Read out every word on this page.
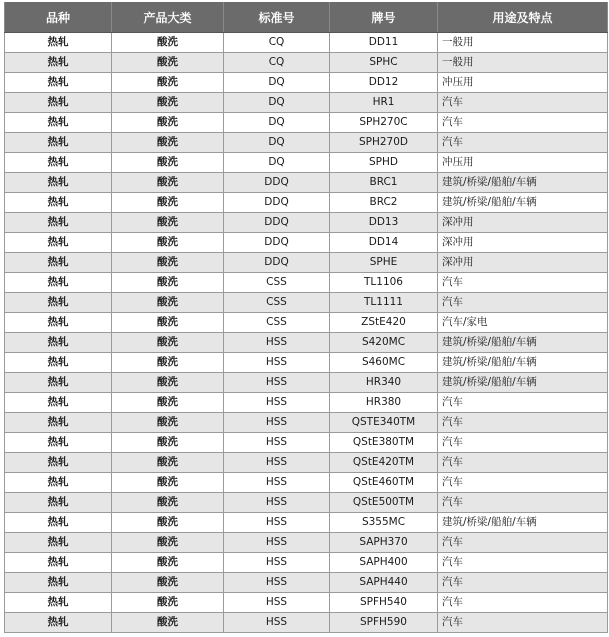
品种	产品大类	标准号	牌号	用途及特点
热轧	酸洗	CQ	DD11	一般用
热轧	酸洗	CQ	SPHC	一般用
热轧	酸洗	DQ	DD12	冲压用
热轧	酸洗	DQ	HR1	汽车
热轧	酸洗	DQ	SPH270C	汽车
热轧	酸洗	DQ	SPH270D	汽车
热轧	酸洗	DQ	SPHD	冲压用
热轧	酸洗	DDQ	BRC1	建筑/桥梁/船舶/车辆
热轧	酸洗	DDQ	BRC2	建筑/桥梁/船舶/车辆
热轧	酸洗	DDQ	DD13	深冲用
热轧	酸洗	DDQ	DD14	深冲用
热轧	酸洗	DDQ	SPHE	深冲用
热轧	酸洗	CSS	TL1106	汽车
热轧	酸洗	CSS	TL1111	汽车
热轧	酸洗	CSS	ZStE420	汽车/家电
热轧	酸洗	HSS	S420MC	建筑/桥梁/船舶/车辆
热轧	酸洗	HSS	S460MC	建筑/桥梁/船舶/车辆
热轧	酸洗	HSS	HR340	建筑/桥梁/船舶/车辆
热轧	酸洗	HSS	HR380	汽车
热轧	酸洗	HSS	QSTE340TM	汽车
热轧	酸洗	HSS	QStE380TM	汽车
热轧	酸洗	HSS	QStE420TM	汽车
热轧	酸洗	HSS	QStE460TM	汽车
热轧	酸洗	HSS	QStE500TM	汽车
热轧	酸洗	HSS	S355MC	建筑/桥梁/船舶/车辆
热轧	酸洗	HSS	SAPH370	汽车
热轧	酸洗	HSS	SAPH400	汽车
热轧	酸洗	HSS	SAPH440	汽车
热轧	酸洗	HSS	SPFH540	汽车
热轧	酸洗	HSS	SPFH590	汽车
